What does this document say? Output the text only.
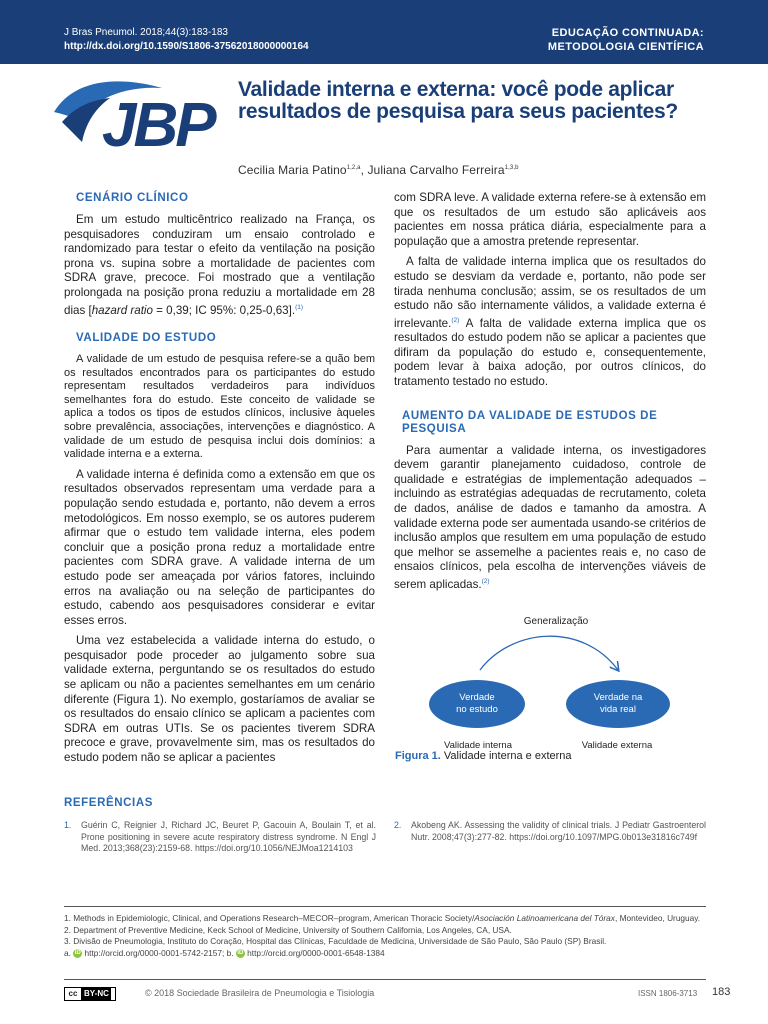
J Bras Pneumol. 2018;44(3):183-183
http://dx.doi.org/10.1590/S1806-37562018000000164
EDUCAÇÃO CONTINUADA:
METODOLOGIA CIENTÍFICA
JBP
Validade interna e externa: você pode aplicar resultados de pesquisa para seus pacientes?
Cecilia Maria Patino$^{1,2,a}$, Juliana Carvalho Ferreira$^{1,3,b}$
CENÁRIO CLÍNICO

Em um estudo multicêntrico realizado na França, os pesquisadores conduziram um ensaio controlado e randomizado para testar o efeito da ventilação na posição prona vs. supina sobre a mortalidade de pacientes com SDRA grave, precoce. Foi mostrado que a ventilação prolongada na posição prona reduziu a mortalidade em 28 dias [hazard ratio = 0,39; IC 95%: 0,25-0,63].$^{(1)}$

VALIDADE DO ESTUDO

A validade de um estudo de pesquisa refere-se a quão bem os resultados encontrados para os participantes do estudo representam resultados verdadeiros para indivíduos semelhantes fora do estudo. Este conceito de validade se aplica a todos os tipos de estudos clínicos, inclusive àqueles sobre prevalência, associações, intervenções e diagnóstico. A validade de um estudo de pesquisa inclui dois domínios: a validade interna e a externa.

A validade interna é definida como a extensão em que os resultados observados representam uma verdade para a população sendo estudada e, portanto, não devem a erros metodológicos. Em nosso exemplo, se os autores puderem afirmar que o estudo tem validade interna, eles podem concluir que a posição prona reduz a mortalidade entre pacientes com SDRA grave. A validade interna de um estudo pode ser ameaçada por vários fatores, incluindo erros na avaliação ou na seleção de participantes do estudo, cabendo aos pesquisadores considerar e evitar esses erros.

Uma vez estabelecida a validade interna do estudo, o pesquisador pode proceder ao julgamento sobre sua validade externa, perguntando se os resultados do estudo se aplicam ou não a pacientes semelhantes em um cenário diferente (Figura 1). No exemplo, gostaríamos de avaliar se os resultados do ensaio clínico se aplicam a pacientes com SDRA em outras UTIs. Se os pacientes tiverem SDRA precoce e grave, provavelmente sim, mas os resultados do estudo podem não se aplicar a pacientes

com SDRA leve. A validade externa refere-se à extensão em que os resultados de um estudo são aplicáveis aos pacientes em nossa prática diária, especialmente para a população que a amostra pretende representar.

A falta de validade interna implica que os resultados do estudo se desviam da verdade e, portanto, não pode ser tirada nenhuma conclusão; assim, se os resultados de um estudo não são internamente válidos, a validade externa é irrelevante.$^{(2)}$ A falta de validade externa implica que os resultados do estudo podem não se aplicar a pacientes que difiram da população do estudo e, consequentemente, podem levar à baixa adoção, por outros clínicos, do tratamento testado no estudo.

AUMENTO DA VALIDADE DE ESTUDOS DE PESQUISA

Para aumentar a validade interna, os investigadores devem garantir planejamento cuidadoso, controle de qualidade e estratégias de implementação adequados – incluindo as estratégias adequadas de recrutamento, coleta de dados, análise de dados e tamanho da amostra. A validade externa pode ser aumentada usando-se critérios de inclusão amplos que resultem em uma população de estudo que melhor se assemelhe a pacientes reais e, no caso de ensaios clínicos, pela escolha de intervenções viáveis de serem aplicadas.$^{(2)}$

Generalização
Verdade
no estudo
Verdade na
vida real
Validade interna	Validade externa
Figura 1. Validade interna e externa
REFERÊNCIAS
1. Guérin C, Reignier J, Richard JC, Beuret P, Gacouin A, Boulain T, et al. Prone positioning in severe acute respiratory distress syndrome. N Engl J Med. 2013;368(23):2159-68. https://doi.org/10.1056/NEJMoa1214103
2. Akobeng AK. Assessing the validity of clinical trials. J Pediatr Gastroenterol Nutr. 2008;47(3):277-82. https://doi.org/10.1097/MPG.0b013e31816c749f
1. Methods in Epidemiologic, Clinical, and Operations Research–MECOR–program, American Thoracic Society/Asociación Latinoamericana del Tórax, Montevideo, Uruguay.
2. Department of Preventive Medicine, Keck School of Medicine, University of Southern California, Los Angeles, CA, USA.
3. Divisão de Pneumologia, Instituto do Coração, Hospital das Clínicas, Faculdade de Medicina, Universidade de São Paulo, São Paulo (SP) Brasil.
a. iD http://orcid.org/0000-0001-5742-2157; b. iD http://orcid.org/0000-0001-6548-1384
cc BY-NC	© 2018 Sociedade Brasileira de Pneumologia e Tisiologia	ISSN 1806-3713 183
